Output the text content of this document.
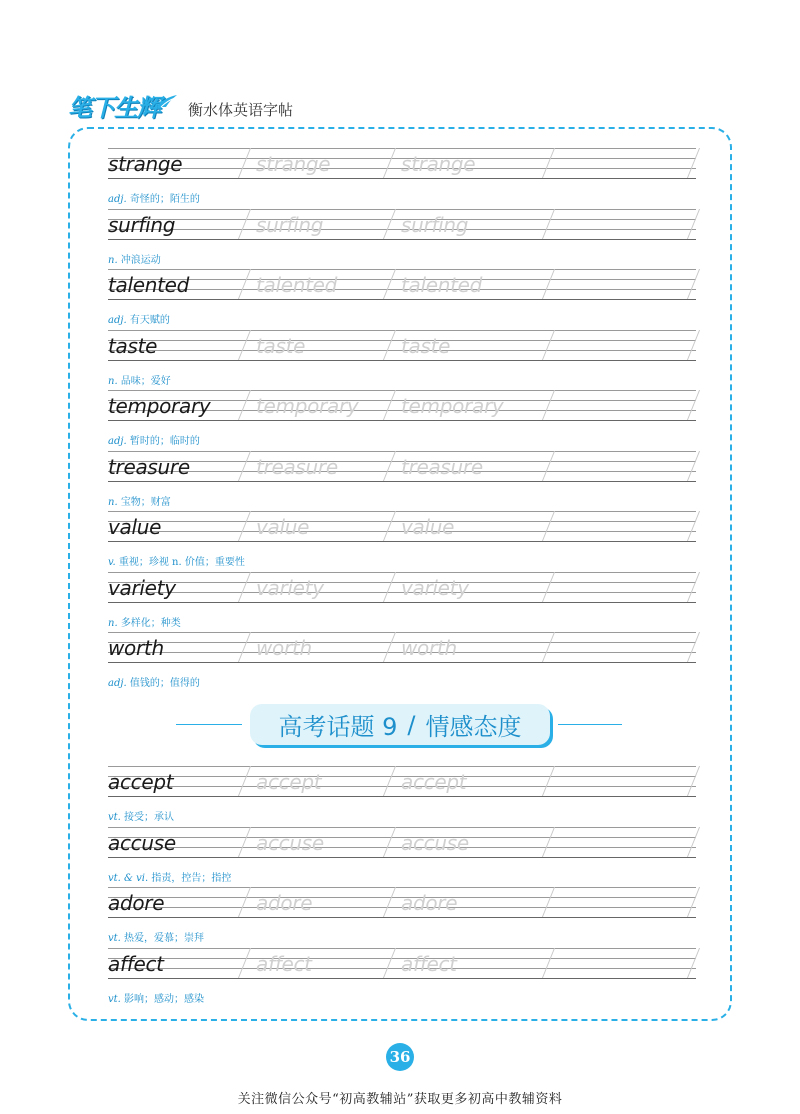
笔下生辉 衡水体英语字帖
strange	strange	strange
adj. 奇怪的；陌生的
surfing	surfing	surfing
n. 冲浪运动
talented	talented	talented
adj. 有天赋的
taste	taste	taste
n. 品味；爱好
temporary temporary temporary
adj. 暂时的；临时的
treasure	treasure	treasure
n. 宝物；财富
value	value	value
v. 重视；珍视 n. 价值；重要性
variety	variety	variety
n. 多样化；种类
worth	worth	worth
adj. 值钱的；值得的
accept	accept	accept
vt. 接受；承认
accuse	accuse	accuse
vt. & vi. 指责，控告；指控
adore	adore	adore
vt. 热爱，爱慕；崇拜
affect	affect	affect
vt. 影响；感动；感染
高考话题 9 / 情感态度
36
关注微信公众号“初高教辅站”获取更多初高中教辅资料
